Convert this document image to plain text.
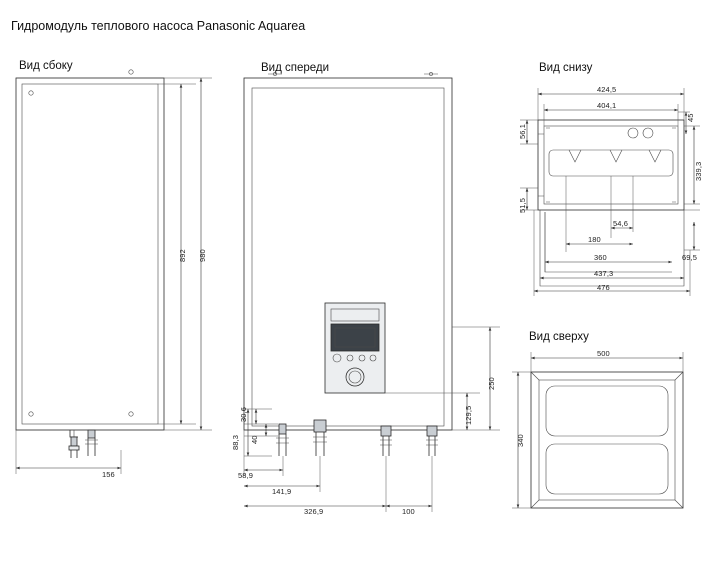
Гидромодуль теплового насоса Panasonic Aquarea
Вид сбоку	Вид спереди	Вид снизу
Вид сверху
892 980
156
30,6
40
88,3
58,9
141,9
326,9	100
129,5
250
424,5
404,1
45
56,1
51,5
339,3
54,6
180
360
437,3
476
69,5
500
340
